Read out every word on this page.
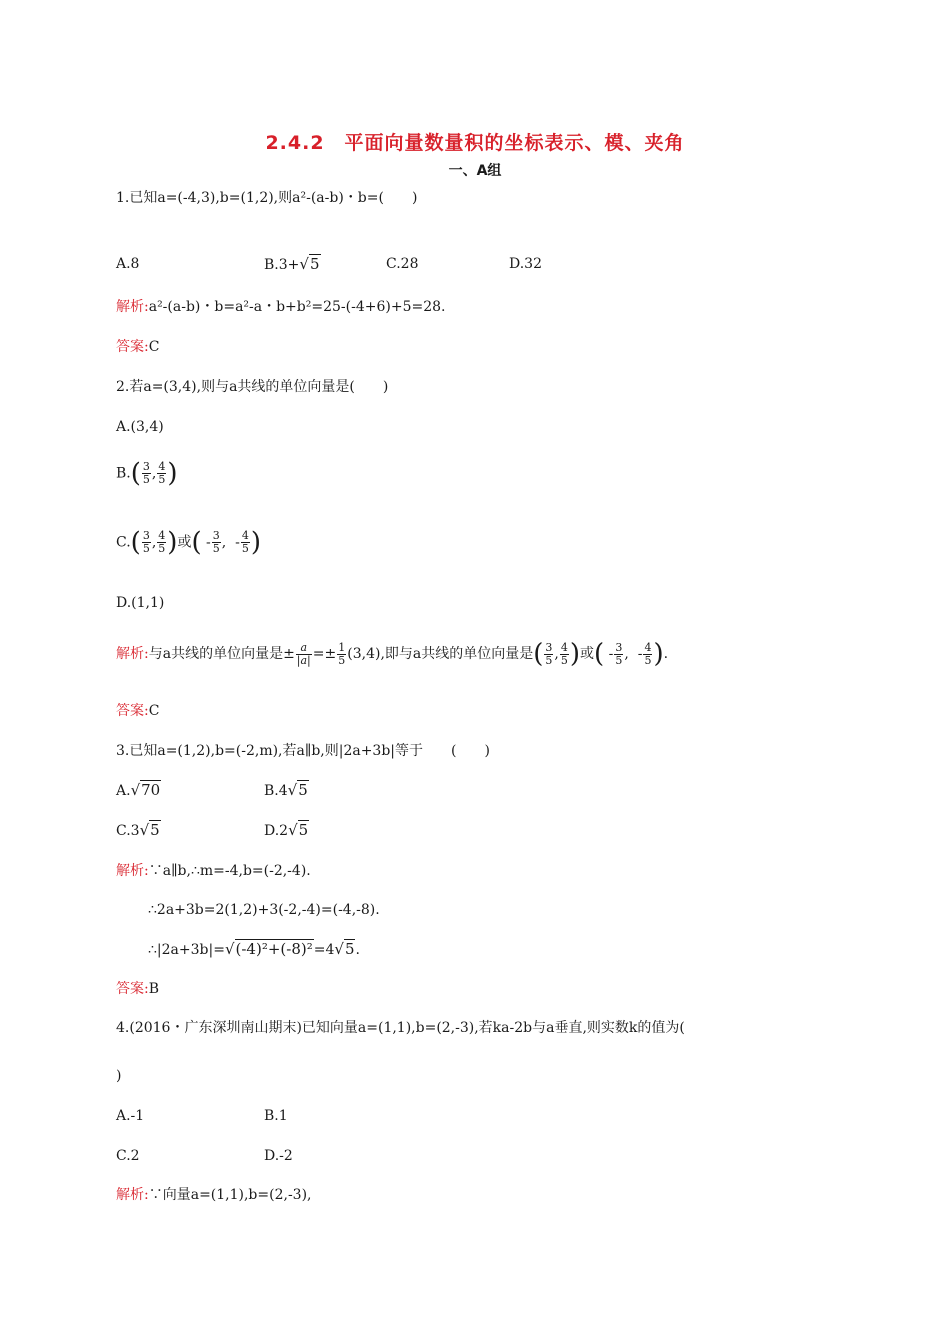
2.4.2　平面向量数量积的坐标表示、模、夹角
一、A组
1.已知a=(-4,3),b=(1,2),则a²-(a-b)・b=(　　)
A.8	B.3+√5	C.28	D.32
解析:a²-(a-b)・b=a²-a・b+b²=25-(-4+6)+5=28.
答案:C
2.若a=(3,4),则与a共线的单位向量是(　　)
A.(3,4)
$B.( \frac{3}{5}$ , $\frac{4}{5}$ )
$C.( \frac{3}{5}$ , $\frac{4}{5}$ )或( - $\frac{3}{5}$ ,  - $\frac{4}{5}$ )
D.(1,1)
解析:与a共线的单位向量是± $\frac{a}{|a|} =\pm \frac{1}{5} (3,4)$,即与a共线的单位向量是( $\frac{3}{5}$ , $\frac{4}{5}$ )或( - $\frac{3}{5}$ ,  - $\frac{4}{5}$ ).
答案:C
3.已知a=(1,2),b=(-2,m),若a∥b,则|2a+3b|等于　　(　　)
A.√70	B.4√5
C.3√5	D.2√5
解析:∵a∥b,∴m=-4,b=(-2,-4).
∴2a+3b=2(1,2)+3(-2,-4)=(-4,-8).
∴|2a+3b|=√(-4)²+(-8)²=4√5.
答案:B
4.(2016・广东深圳南山期末)已知向量a=(1,1),b=(2,-3),若ka-2b与a垂直,则实数k的值为(
)
A.-1	B.1
C.2	D.-2
解析:∵向量a=(1,1),b=(2,-3),
